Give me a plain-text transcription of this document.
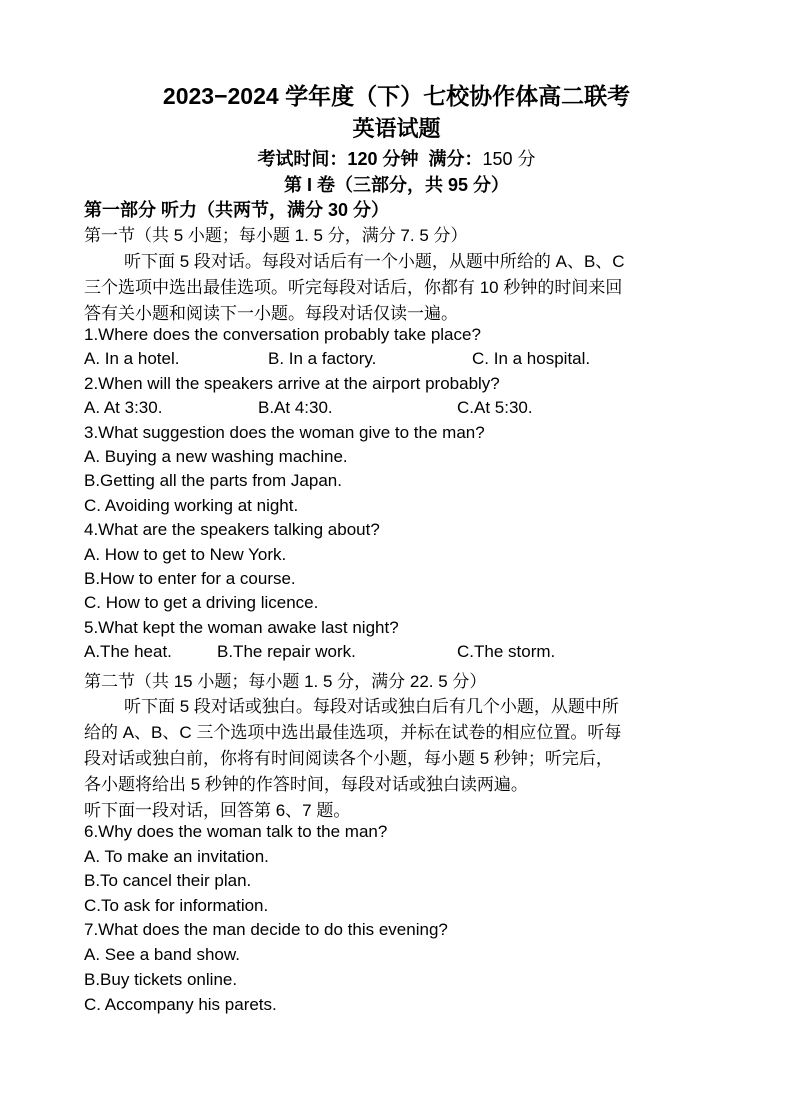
2023−2024 学年度（下）七校协作体高二联考
英语试题
考试时间：120 分钟 满分：150 分
第 I 卷（三部分，共 95 分）
第一部分 听力（共两节，满分 30 分）
第一节（共 5 小题；每小题 1. 5 分，满分 7. 5 分）
听下面 5 段对话。每段对话后有一个小题，从题中所给的 A、B、C
三个选项中选出最佳选项。听完每段对话后，你都有 10 秒钟的时间来回
答有关小题和阅读下一小题。每段对话仅读一遍。
1.Where does the conversation probably take place?
A. In a hotel.	B. In a factory.	C. In a hospital.
2.When will the speakers arrive at the airport probably?
A. At 3:30.	B.At 4:30.	C.At 5:30.
3.What suggestion does the woman give to the man?
A. Buying a new washing machine.
B.Getting all the parts from Japan.
C. Avoiding working at night.
4.What are the speakers talking about?
A. How to get to New York.
B.How to enter for a course.
C. How to get a driving licence.
5.What kept the woman awake last night?
A.The heat.	B.The repair work.	C.The storm.
第二节（共 15 小题；每小题 1. 5 分，满分 22. 5 分）
听下面 5 段对话或独白。每段对话或独白后有几个小题，从题中所
给的 A、B、C 三个选项中选出最佳选项，并标在试卷的相应位置。听每
段对话或独白前，你将有时间阅读各个小题，每小题 5 秒钟；听完后，
各小题将给出 5 秒钟的作答时间，每段对话或独白读两遍。
听下面一段对话，回答第 6、7 题。
6.Why does the woman talk to the man?
A. To make an invitation.
B.To cancel their plan.
C.To ask for information.
7.What does the man decide to do this evening?
A. See a band show.
B.Buy tickets online.
C. Accompany his parets.
